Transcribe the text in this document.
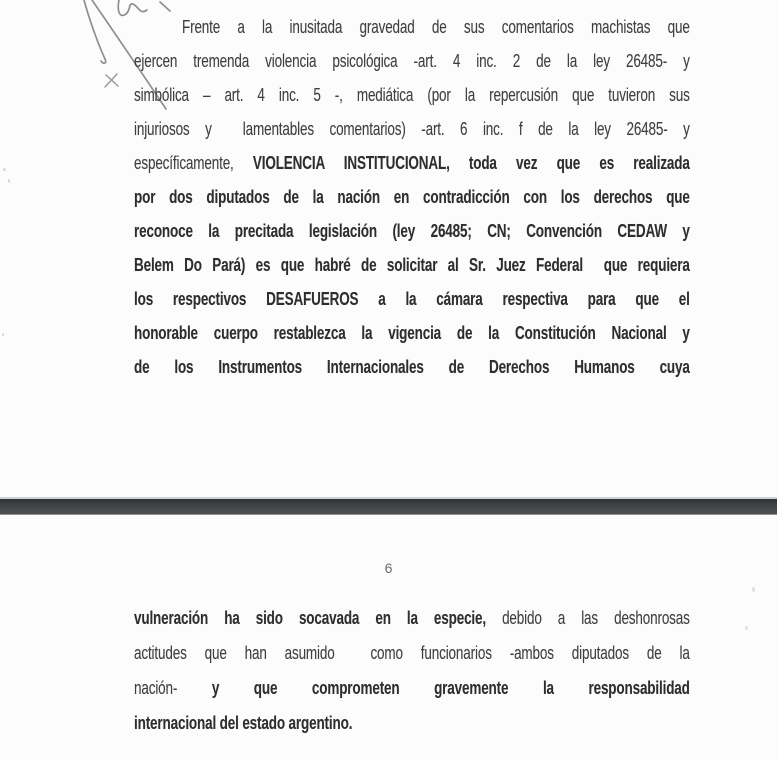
Frente a la inusitada gravedad de sus comentarios machistas que
ejercen tremenda violencia psicológica -art. 4 inc. 2 de la ley 26485- y
simbólica – art. 4 inc. 5 -, mediática (por la repercusión que tuvieron sus
injuriosos y  lamentables comentarios) -art. 6 inc. f de la ley 26485- y
específicamente, VIOLENCIA INSTITUCIONAL, toda vez que es realizada
por dos diputados de la nación en contradicción con los derechos que
reconoce la precitada legislación (ley 26485; CN; Convención CEDAW y
Belem Do Pará) es que habré de solicitar al Sr. Juez Federal  que requiera
los respectivos DESAFUEROS a la cámara respectiva para que el
honorable cuerpo restablezca la vigencia de la Constitución Nacional y
de los Instrumentos Internacionales de Derechos Humanos cuya
6
vulneración ha sido socavada en la especie, debido a las deshonrosas
actitudes que han asumido  como funcionarios -ambos diputados de la
nación- y que comprometen gravemente la responsabilidad
internacional del estado argentino.
